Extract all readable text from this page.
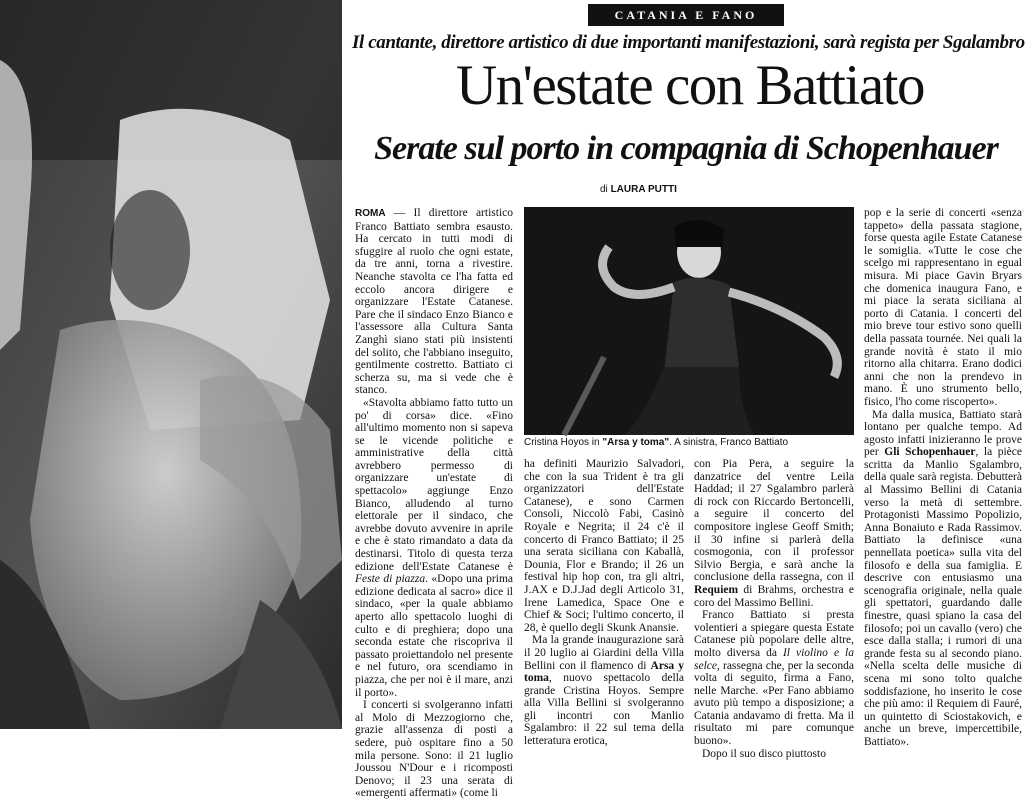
CATANIA E FANO
Il cantante, direttore artistico di due importanti manifestazioni, sarà regista per Sgalambro
Un'estate con Battiato
Serate sul porto in compagnia di Schopenhauer
di LAURA PUTTI

ROMA — Il direttore artistico Franco Battiato sembra esausto. Ha cercato in tutti modi di sfuggire al ruolo che ogni estate, da tre anni, torna a rivestire. Neanche stavolta ce l'ha fatta ed eccolo ancora dirigere e organizzare l'Estate Catanese. Pare che il sindaco Enzo Bianco e l'assessore alla Cultura Santa Zanghì siano stati più insistenti del solito, che l'abbiano inseguito, gentilmente costretto. Battiato ci scherza su, ma si vede che è stanco.

«Stavolta abbiamo fatto tutto un po' di corsa» dice. «Fino all'ultimo momento non si sapeva se le vicende politiche e amministrative della città avrebbero permesso di organizzare un'estate di spettacolo» aggiunge Enzo Bianco, alludendo al turno elettorale per il sindaco, che avrebbe dovuto avvenire in aprile e che è stato rimandato a data da destinarsi. Titolo di questa terza edizione dell'Estate Catanese è Feste di piazza. «Dopo una prima edizione dedicata al sacro» dice il sindaco, «per la quale abbiamo aperto allo spettacolo luoghi di culto e di preghiera; dopo una seconda estate che riscopriva il passato proiettandolo nel presente e nel futuro, ora scendiamo in piazza, che per noi è il mare, anzi il porto».

I concerti si svolgeranno infatti al Molo di Mezzogiorno che, grazie all'assenza di posti a sedere, può ospitare fino a 50 mila persone. Sono: il 21 luglio Joussou N'Dour e i ricomposti Denovo; il 23 una serata di «emergenti affermati» (come li

Cristina Hoyos in "Arsa y toma". A sinistra, Franco Battiato

ha definiti Maurizio Salvadori, che con la sua Trident è tra gli organizzatori dell'Estate Catanese), e sono Carmen Consoli, Niccolò Fabi, Casinò Royale e Negrita; il 24 c'è il concerto di Franco Battiato; il 25 una serata siciliana con Kaballà, Dounia, Flor e Brando; il 26 un festival hip hop con, tra gli altri, J.AX e D.J.Jad degli Articolo 31, Irene Lamedica, Space One e Chief & Soci; l'ultimo concerto, il 28, è quello degli Skunk Anansie.

Ma la grande inaugurazione sarà il 20 luglio ai Giardini della Villa Bellini con il flamenco di Arsa y toma, nuovo spettacolo della grande Cristina Hoyos. Sempre alla Villa Bellini si svolgeranno gli incontri con Manlio Sgalambro: il 22 sul tema della letteratura erotica,

con Pia Pera, a seguire la danzatrice del ventre Leila Haddad; il 27 Sgalambro parlerà di rock con Riccardo Bertoncelli, a seguire il concerto del compositore inglese Geoff Smith; il 30 infine si parlerà della cosmogonia, con il professor Silvio Bergia, e sarà anche la conclusione della rassegna, con il Requiem di Brahms, orchestra e coro del Massimo Bellini.

Franco Battiato si presta volentieri a spiegare questa Estate Catanese più popolare delle altre, molto diversa da Il violino e la selce, rassegna che, per la seconda volta di seguito, firma a Fano, nelle Marche. «Per Fano abbiamo avuto più tempo a disposizione; a Catania andavamo di fretta. Ma il risultato mi pare comunque buono».

Dopo il suo disco piuttosto

pop e la serie di concerti «senza tappeto» della passata stagione, forse questa agile Estate Catanese le somiglia. «Tutte le cose che scelgo mi rappresentano in egual misura. Mi piace Gavin Bryars che domenica inaugura Fano, e mi piace la serata siciliana al porto di Catania. I concerti del mio breve tour estivo sono quelli della passata tournée. Nei quali la grande novità è stato il mio ritorno alla chitarra. Erano dodici anni che non la prendevo in mano. È uno strumento bello, fisico, l'ho come riscoperto».

Ma dalla musica, Battiato starà lontano per qualche tempo. Ad agosto infatti inizieranno le prove per Gli Schopenhauer, la pièce scritta da Manlio Sgalambro, della quale sarà regista. Debutterà al Massimo Bellini di Catania verso la metà di settembre. Protagonisti Massimo Popolizio, Anna Bonaiuto e Rada Rassimov. Battiato la definisce «una pennellata poetica» sulla vita del filosofo e della sua famiglia. E descrive con entusiasmo una scenografia originale, nella quale gli spettatori, guardando dalle finestre, quasi spiano la casa del filosofo; poi un cavallo (vero) che esce dalla stalla; i rumori di una grande festa su al secondo piano. «Nella scelta delle musiche di scena mi sono tolto qualche soddisfazione, ho inserito le cose che più amo: il Requiem di Fauré, un quintetto di Sciostakovich, e anche un breve, impercettibile, Battiato».
